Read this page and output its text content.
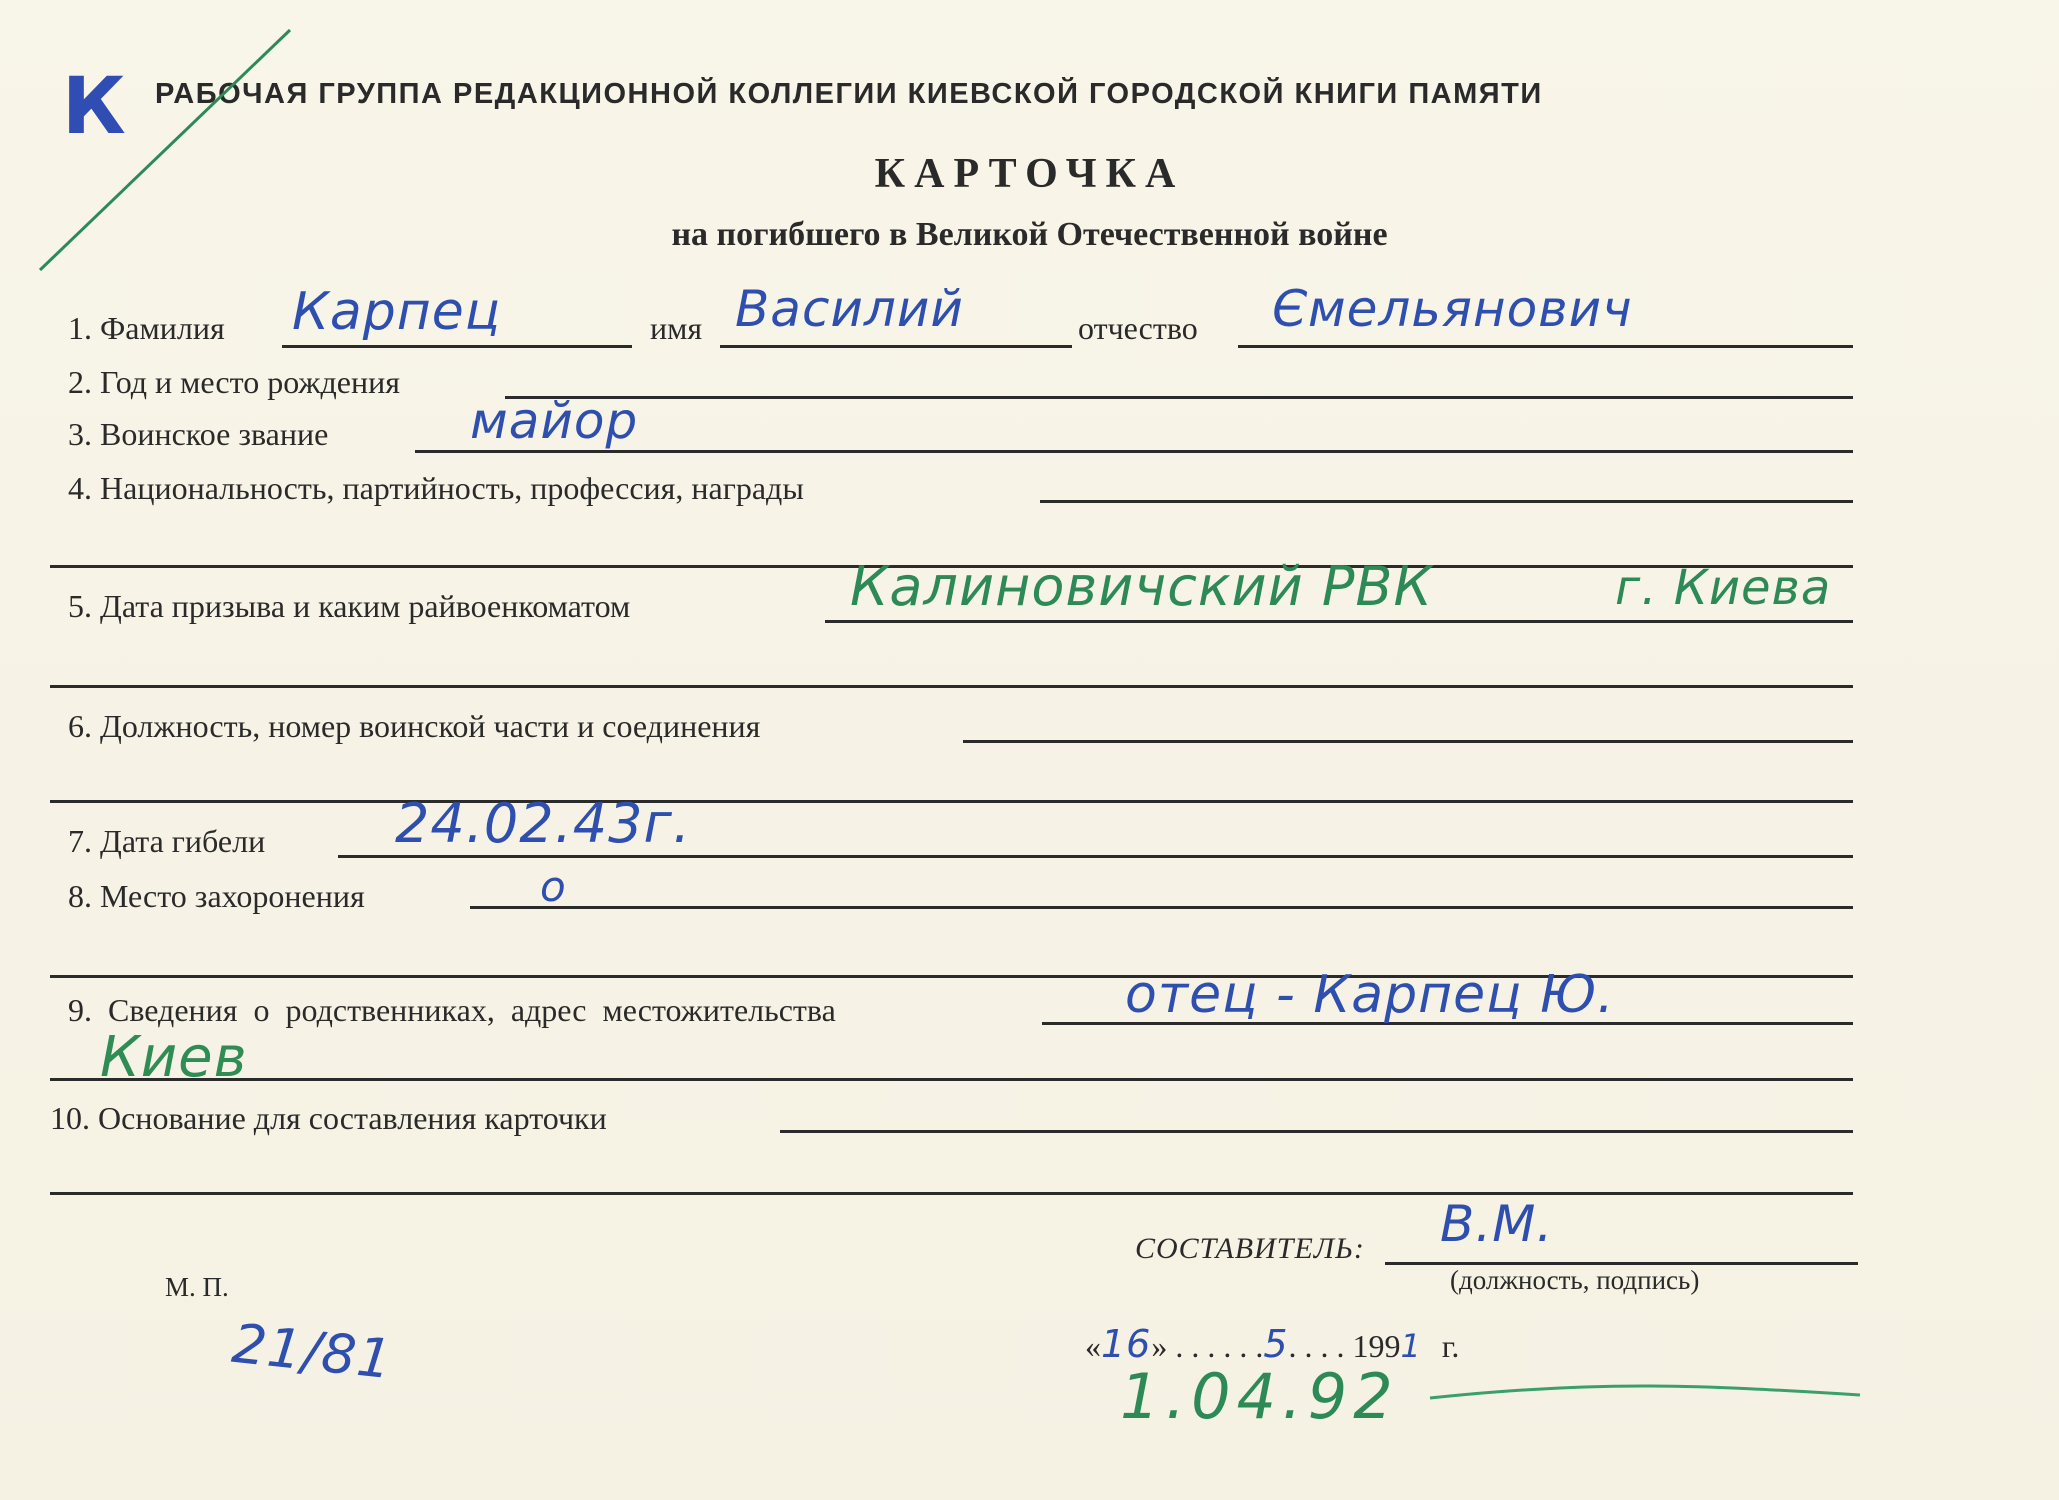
К РАБОЧАЯ ГРУППА РЕДАКЦИОННОЙ КОЛЛЕГИИ КИЕВСКОЙ ГОРОДСКОЙ КНИГИ ПАМЯТИ
КАРТОЧКА
на погибшего в Великой Отечественной войне
1. Фамилия Карпец	имя Василий	отчество Ємельянович
2. Год и место рождения
3. Воинское звание	майор
4. Национальность, партийность, профессия, награды
5. Дата призыва и каким райвоенкоматом	Калиновичский РВК	г. Киева
6. Должность, номер воинской части и соединения
7. Дата гибели 24.02.43г.
8. Место захоронения	о
9. Сведения о родственниках, адрес местожительства	отец - Карпец Ю.
Киев
10. Основание для составления карточки
СОСТАВИТЕЛЬ: В.М.
(должность, подпись)
М. П.
21/81	«16» . . . . . .5. . . . 1991 г.
1.04.92
